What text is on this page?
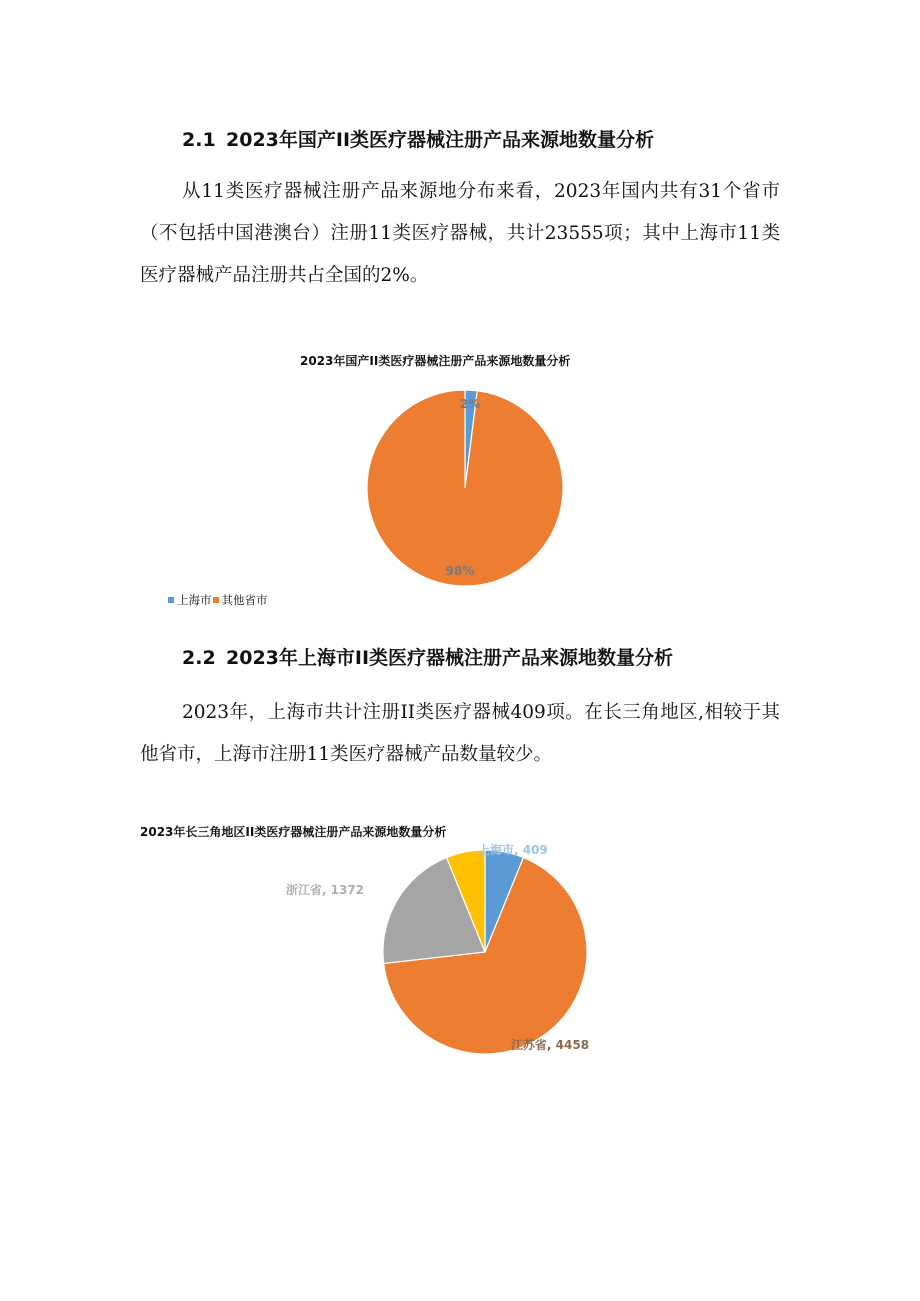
2.1 2023年国产II类医疗器械注册产品来源地数量分析

从11类医疗器械注册产品来源地分布来看，2023年国内共有31个省市（不包括中国港澳台）注册11类医疗器械，共计23555项；其中上海市11类医疗器械产品注册共占全国的2%。

2023年国产II类医疗器械注册产品来源地数量分析
2%
98%
上海市 其他省市
2.2 2023年上海市II类医疗器械注册产品来源地数量分析

2023年，上海市共计注册II类医疗器械409项。在长三角地区,相较于其他省市，上海市注册11类医疗器械产品数量较少。

2023年长三角地区II类医疗器械注册产品来源地数量分析
上海市, 409
江苏省, 4458
浙江省, 1372
